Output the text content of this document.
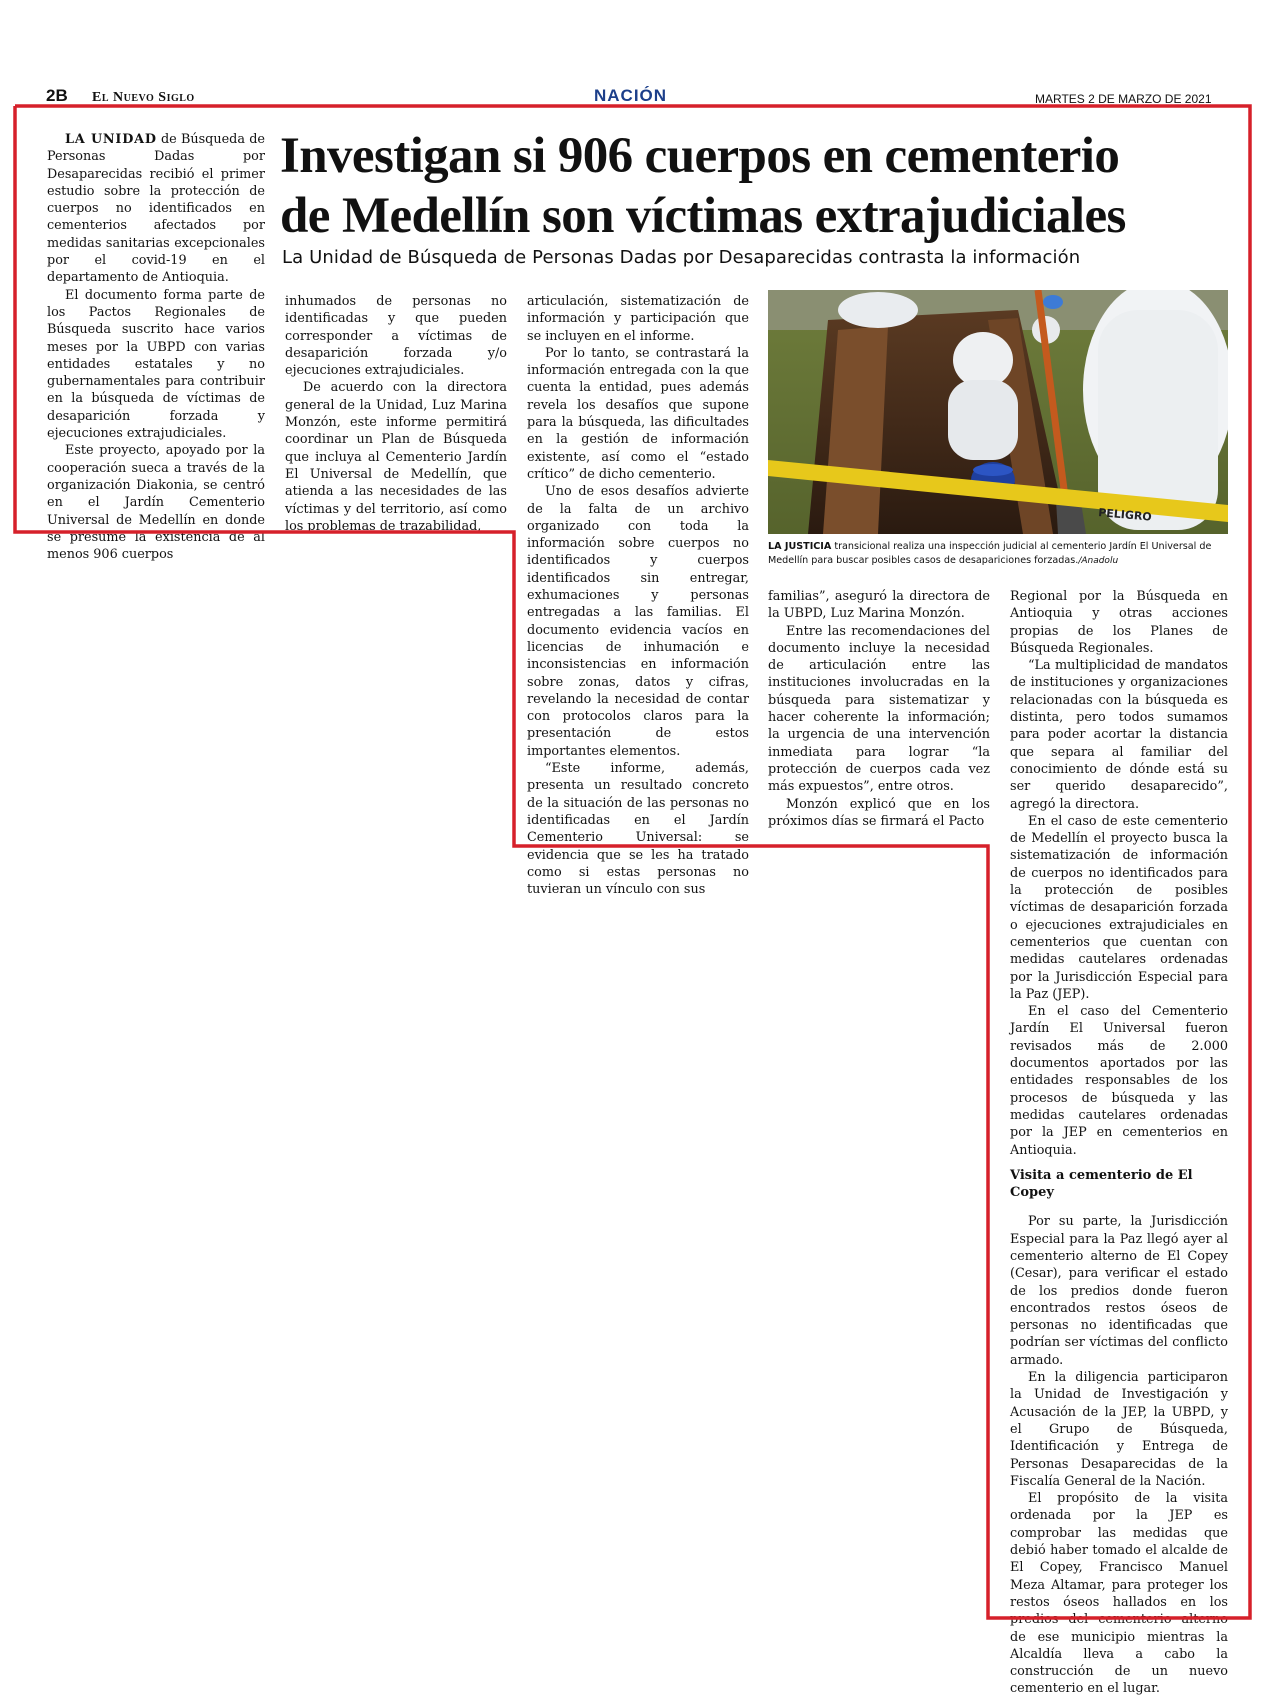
2B El Nuevo Siglo	NACIÓN	MARTES 2 DE MARZO DE 2021
Investigan si 906 cuerpos en cementerio
de Medellín son víctimas extrajudiciales
La Unidad de Búsqueda de Personas Dadas por Desaparecidas contrasta la información

LA UNIDAD de Búsqueda de Personas Dadas por Desaparecidas recibió el primer estudio sobre la protección de cuerpos no identificados en cementerios afectados por medidas sanitarias excepcionales por el covid-19 en el departamento de Antioquia.

El documento forma parte de los Pactos Regionales de Búsqueda suscrito hace varios meses por la UBPD con varias entidades estatales y no gubernamentales para contribuir en la búsqueda de víctimas de desaparición forzada y ejecuciones extrajudiciales.

Este proyecto, apoyado por la cooperación sueca a través de la organización Diakonia, se centró en el Jardín Cementerio Universal de Medellín en donde se presume la existencia de al menos 906 cuerpos

inhumados de personas no identificadas y que pueden corresponder a víctimas de desaparición forzada y/o ejecuciones extrajudiciales.

De acuerdo con la directora general de la Unidad, Luz Marina Monzón, este informe permitirá coordinar un Plan de Búsqueda que incluya al Cementerio Jardín El Universal de Medellín, que atienda a las necesidades de las víctimas y del territorio, así como los problemas de trazabilidad,

articulación, sistematización de información y participación que se incluyen en el informe.

Por lo tanto, se contrastará la información entregada con la que cuenta la entidad, pues además revela los desafíos que supone para la búsqueda, las dificultades en la gestión de información existente, así como el “estado crítico” de dicho cementerio.

Uno de esos desafíos advierte de la falta de un archivo organizado con toda la información sobre cuerpos no identificados y cuerpos identificados sin entregar, exhumaciones y personas entregadas a las familias. El documento evidencia vacíos en licencias de inhumación e inconsistencias en información sobre zonas, datos y cifras, revelando la necesidad de contar con protocolos claros para la presentación de estos importantes elementos.

“Este informe, además, presenta un resultado concreto de la situación de las personas no identificadas en el Jardín Cementerio Universal: se evidencia que se les ha tratado como si estas personas no tuvieran un vínculo con sus

PELIGRO
LA JUSTICIA transicional realiza una inspección judicial al cementerio Jardín El Universal de Medellín para buscar posibles casos de desapariciones forzadas./Anadolu

familias”, aseguró la directora de la UBPD, Luz Marina Monzón.

Entre las recomendaciones del documento incluye la necesidad de articulación entre las instituciones involucradas en la búsqueda para sistematizar y hacer coherente la información; la urgencia de una intervención inmediata para lograr “la protección de cuerpos cada vez más expuestos”, entre otros.

Monzón explicó que en los próximos días se firmará el Pacto

Regional por la Búsqueda en Antioquia y otras acciones propias de los Planes de Búsqueda Regionales.

“La multiplicidad de mandatos de instituciones y organizaciones relacionadas con la búsqueda es distinta, pero todos sumamos para poder acortar la distancia que separa al familiar del conocimiento de dónde está su ser querido desaparecido”, agregó la directora.

En el caso de este cementerio de Medellín el proyecto busca la sistematización de información de cuerpos no identificados para la protección de posibles víctimas de desaparición forzada o ejecuciones extrajudiciales en cementerios que cuentan con medidas cautelares ordenadas por la Jurisdicción Especial para la Paz (JEP).

En el caso del Cementerio Jardín El Universal fueron revisados más de 2.000 documentos aportados por las entidades responsables de los procesos de búsqueda y las medidas cautelares ordenadas por la JEP en cementerios en Antioquia.

Visita a cementerio de El Copey

Por su parte, la Jurisdicción Especial para la Paz llegó ayer al cementerio alterno de El Copey (Cesar), para verificar el estado de los predios donde fueron encontrados restos óseos de personas no identificadas que podrían ser víctimas del conflicto armado.

En la diligencia participaron la Unidad de Investigación y Acusación de la JEP, la UBPD, y el Grupo de Búsqueda, Identificación y Entrega de Personas Desaparecidas de la Fiscalía General de la Nación.

El propósito de la visita ordenada por la JEP es comprobar las medidas que debió haber tomado el alcalde de El Copey, Francisco Manuel Meza Altamar, para proteger los restos óseos hallados en los predios del cementerio alterno de ese municipio mientras la Alcaldía lleva a cabo la construcción de un nuevo cementerio en el lugar.
